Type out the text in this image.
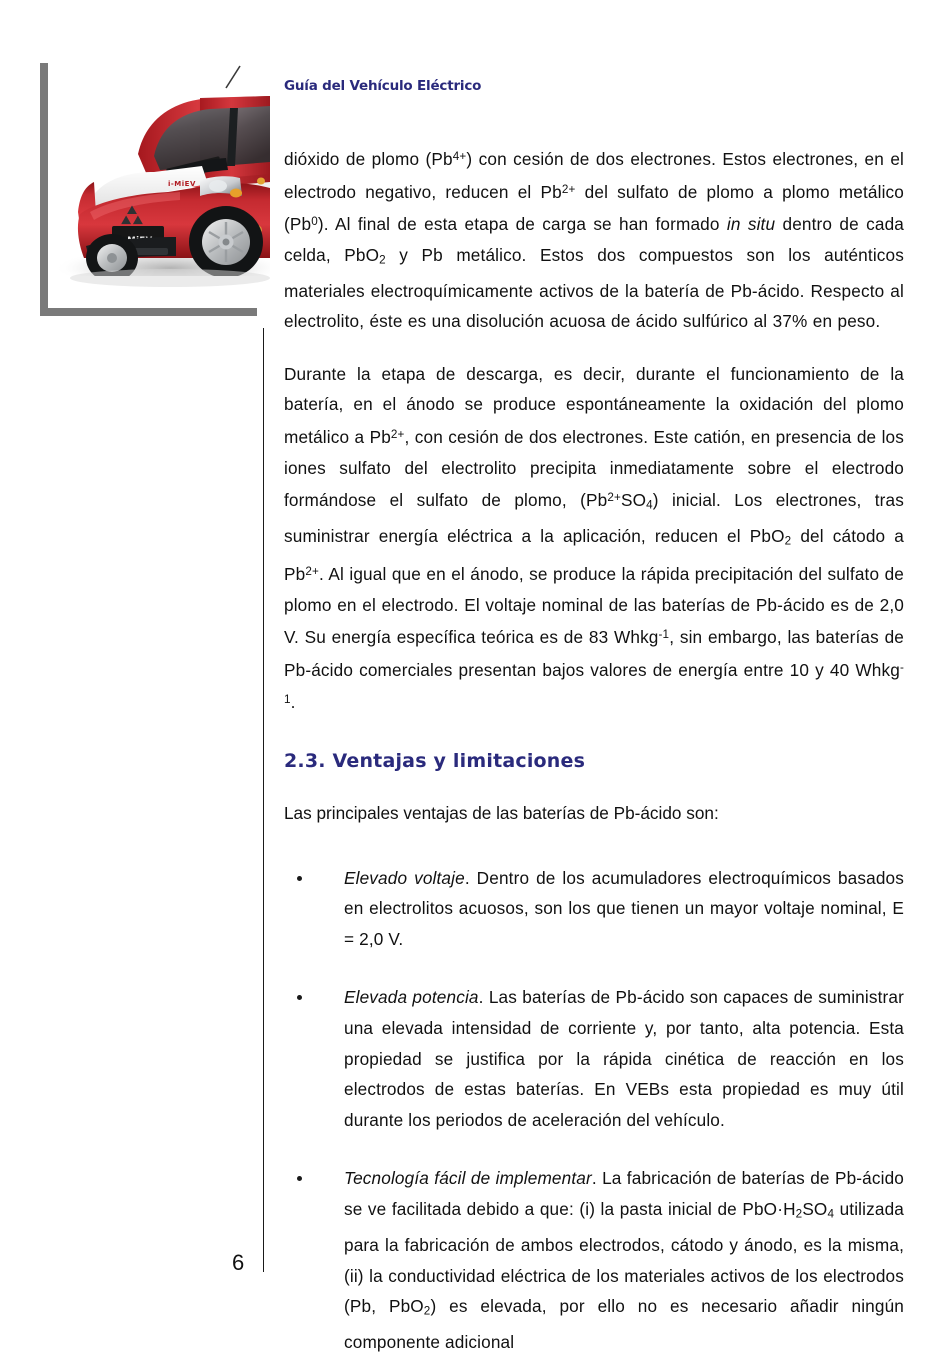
i-MiEV
Guía del Vehículo Eléctrico

dióxido de plomo $(Pb^{4+})$ con cesión de dos electrones. Estos electrones, en el electrodo negativo, reducen el $Pb^{2+}$ del sulfato de plomo a plomo metálico (Pb$^0$). Al final de esta etapa de carga se han formado in situ dentro de cada celda, PbO$_2$ y Pb metálico. Estos dos compuestos son los auténticos materiales electroquímicamente activos de la batería de Pb-ácido. Respecto al electrolito, éste es una disolución acuosa de ácido sulfúrico al 37% en peso.

Durante la etapa de descarga, es decir, durante el funcionamiento de la batería, en el ánodo se produce espontáneamente la oxidación del plomo metálico a $Pb^{2+}$, con cesión de dos electrones. Este catión, en presencia de los iones sulfato del electrolito precipita inmediatamente sobre el electrodo formándose el sulfato de plomo, $(Pb^{2+}SO_4)$ inicial. Los electrones, tras suministrar energía eléctrica a la aplicación, reducen el PbO$_2$ del cátodo a $Pb^{2+}$. Al igual que en el ánodo, se produce la rápida precipitación del sulfato de plomo en el electrodo. El voltaje nominal de las baterías de Pb-ácido es de 2,0 V. Su energía específica teórica es de 83 Whkg$^{-1}$, sin embargo, las baterías de Pb-ácido comerciales presentan bajos valores de energía entre 10 y 40 Whkg$^{-1}$.

2.3. Ventajas y limitaciones

Las principales ventajas de las baterías de Pb-ácido son:

Elevado voltaje. Dentro de los acumuladores electroquímicos basados en electrolitos acuosos, son los que tienen un mayor voltaje nominal, E = 2,0 V.
Elevada potencia. Las baterías de Pb-ácido son capaces de suministrar una elevada intensidad de corriente y, por tanto, alta potencia. Esta propiedad se justifica por la rápida cinética de reacción en los electrodos de estas baterías. En VEBs esta propiedad es muy útil durante los periodos de aceleración del vehículo.
Tecnología fácil de implementar. La fabricación de baterías de Pb-ácido se ve facilitada debido a que: (i) la pasta inicial de $PbO\cdot H_2SO_4$ utilizada para la fabricación de ambos electrodos, cátodo y ánodo, es la misma, (ii) la conductividad eléctrica de los materiales activos de los electrodos (Pb, PbO$_2$) es elevada, por ello no es necesario añadir ningún componente adicional
6
